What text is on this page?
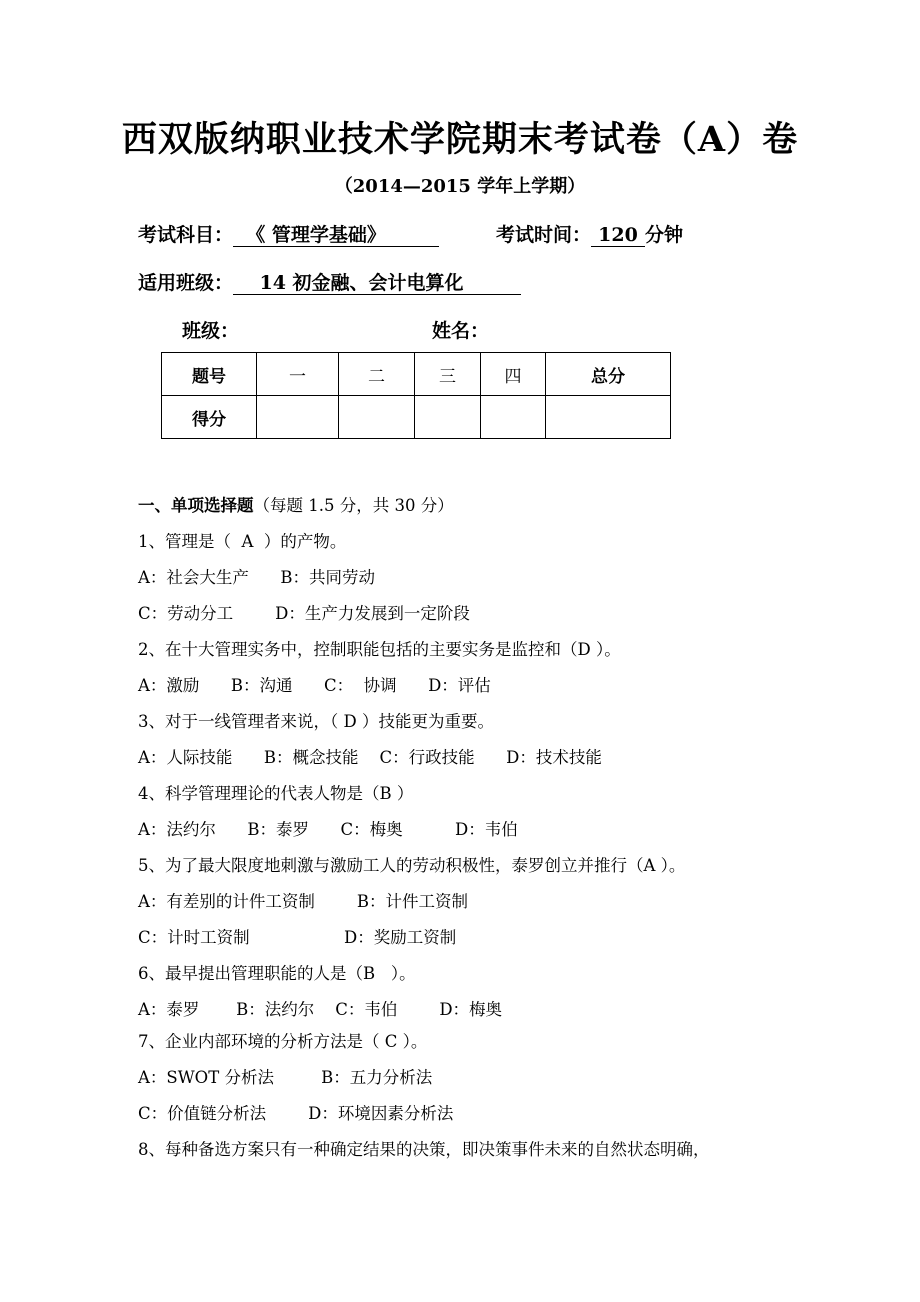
西双版纳职业技术学院期末考试卷（A）卷
（2014—2015 学年上学期）
考试科目： 《 管理学基础》	考试时间： 120 分钟
适用班级： 14 初金融、会计电算化
班级：	姓名：
题号	一	二	三	四	总分
得分					
一、单项选择题（每题 1.5 分，共 30 分）
1、管理是（  A  ）的产物。
A：社会大生产      B：共同劳动
C：劳动分工        D：生产力发展到一定阶段
2、在十大管理实务中，控制职能包括的主要实务是监控和（D ）。
A：激励      B：沟通      C：  协调      D：评估
3、对于一线管理者来说，（ D ）技能更为重要。
A：人际技能      B：概念技能    C：行政技能      D：技术技能
4、科学管理理论的代表人物是（B ）
A：法约尔      B：泰罗      C：梅奥          D：韦伯
5、为了最大限度地刺激与激励工人的劳动积极性，泰罗创立并推行（A ）。
A：有差别的计件工资制        B：计件工资制
C：计时工资制                  D：奖励工资制
6、最早提出管理职能的人是（B   ）。
A：泰罗       B：法约尔    C：韦伯        D：梅奥
7、企业内部环境的分析方法是（ C ）。
A：SWOT 分析法         B：五力分析法
C：价值链分析法        D：环境因素分析法
8、每种备选方案只有一种确定结果的决策，即决策事件未来的自然状态明确，
